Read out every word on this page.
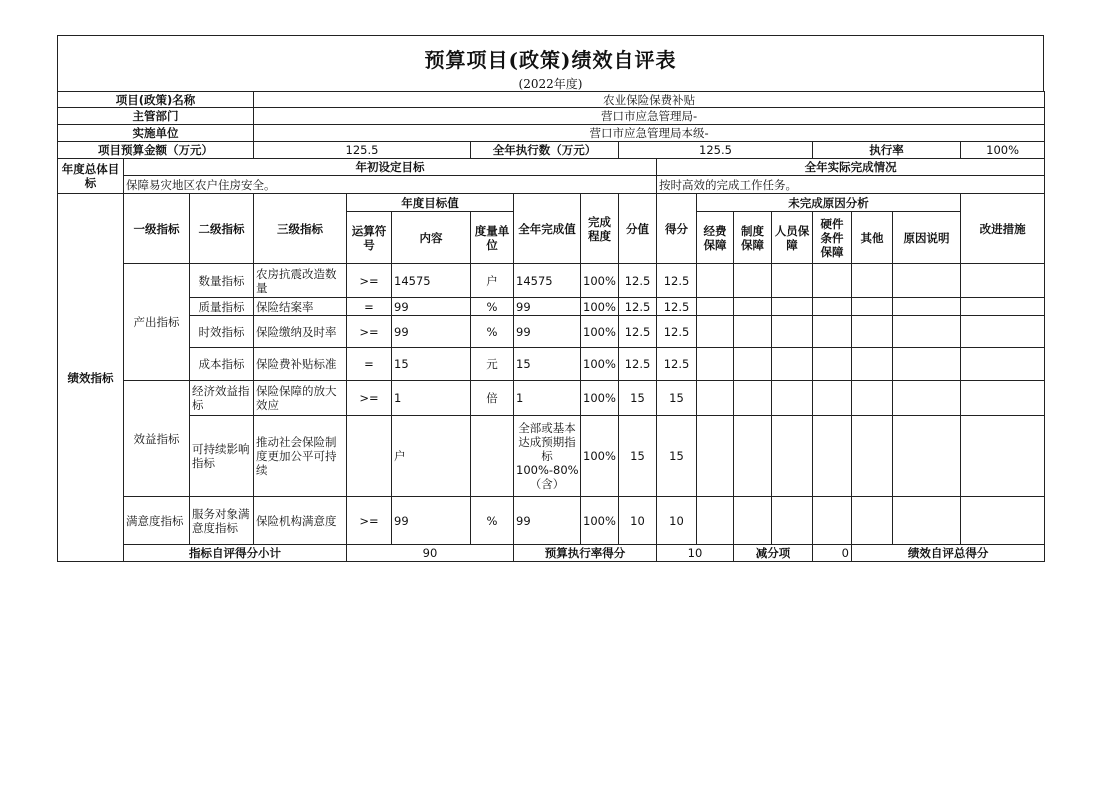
预算项目(政策)绩效自评表
(2022年度)
项目(政策)名称			农业保险保费补贴															
主管部门			营口市应急管理局-															
实施单位			营口市应急管理局本级-															
项目预算金额（万元）			125.5			全年执行数（万元）			125.5					执行率			100%	
年度总体目标	年初设定目标									全年实际完成情况								
	保障易灾地区农户住房安全。									按时高效的完成工作任务。								
绩效指标	一级指标	二级指标	三级指标	年度目标值			全年完成值	完成程度	分值	得分	未完成原因分析						改进措施	
				运算符号	内容	度量单位					经费保障	制度保障	人员保障	硬件条件保障	其他	原因说明		
	产出指标	数量指标	农房抗震改造数量	>=	14575	户	14575	100%	12.5	12.5								
		质量指标	保险结案率	=	99	%	99	100%	12.5	12.5								
		时效指标	保险缴纳及时率	>=	99	%	99	100%	12.5	12.5								
		成本指标	保险费补贴标准	=	15	元	15	100%	12.5	12.5								
	效益指标	经济效益指标	保险保障的放大效应	>=	1	倍	1	100%	15	15								
		可持续影响指标	推动社会保险制度更加公平可持续		户		全部或基本达成预期指标100%-80%（含）	100%	15	15								
	满意度指标	服务对象满意度指标	保险机构满意度	>=	99	%	99	100%	10	10								
	指标自评得分小计			90			预算执行率得分			10		减分项		0	绩效自评总得分	
